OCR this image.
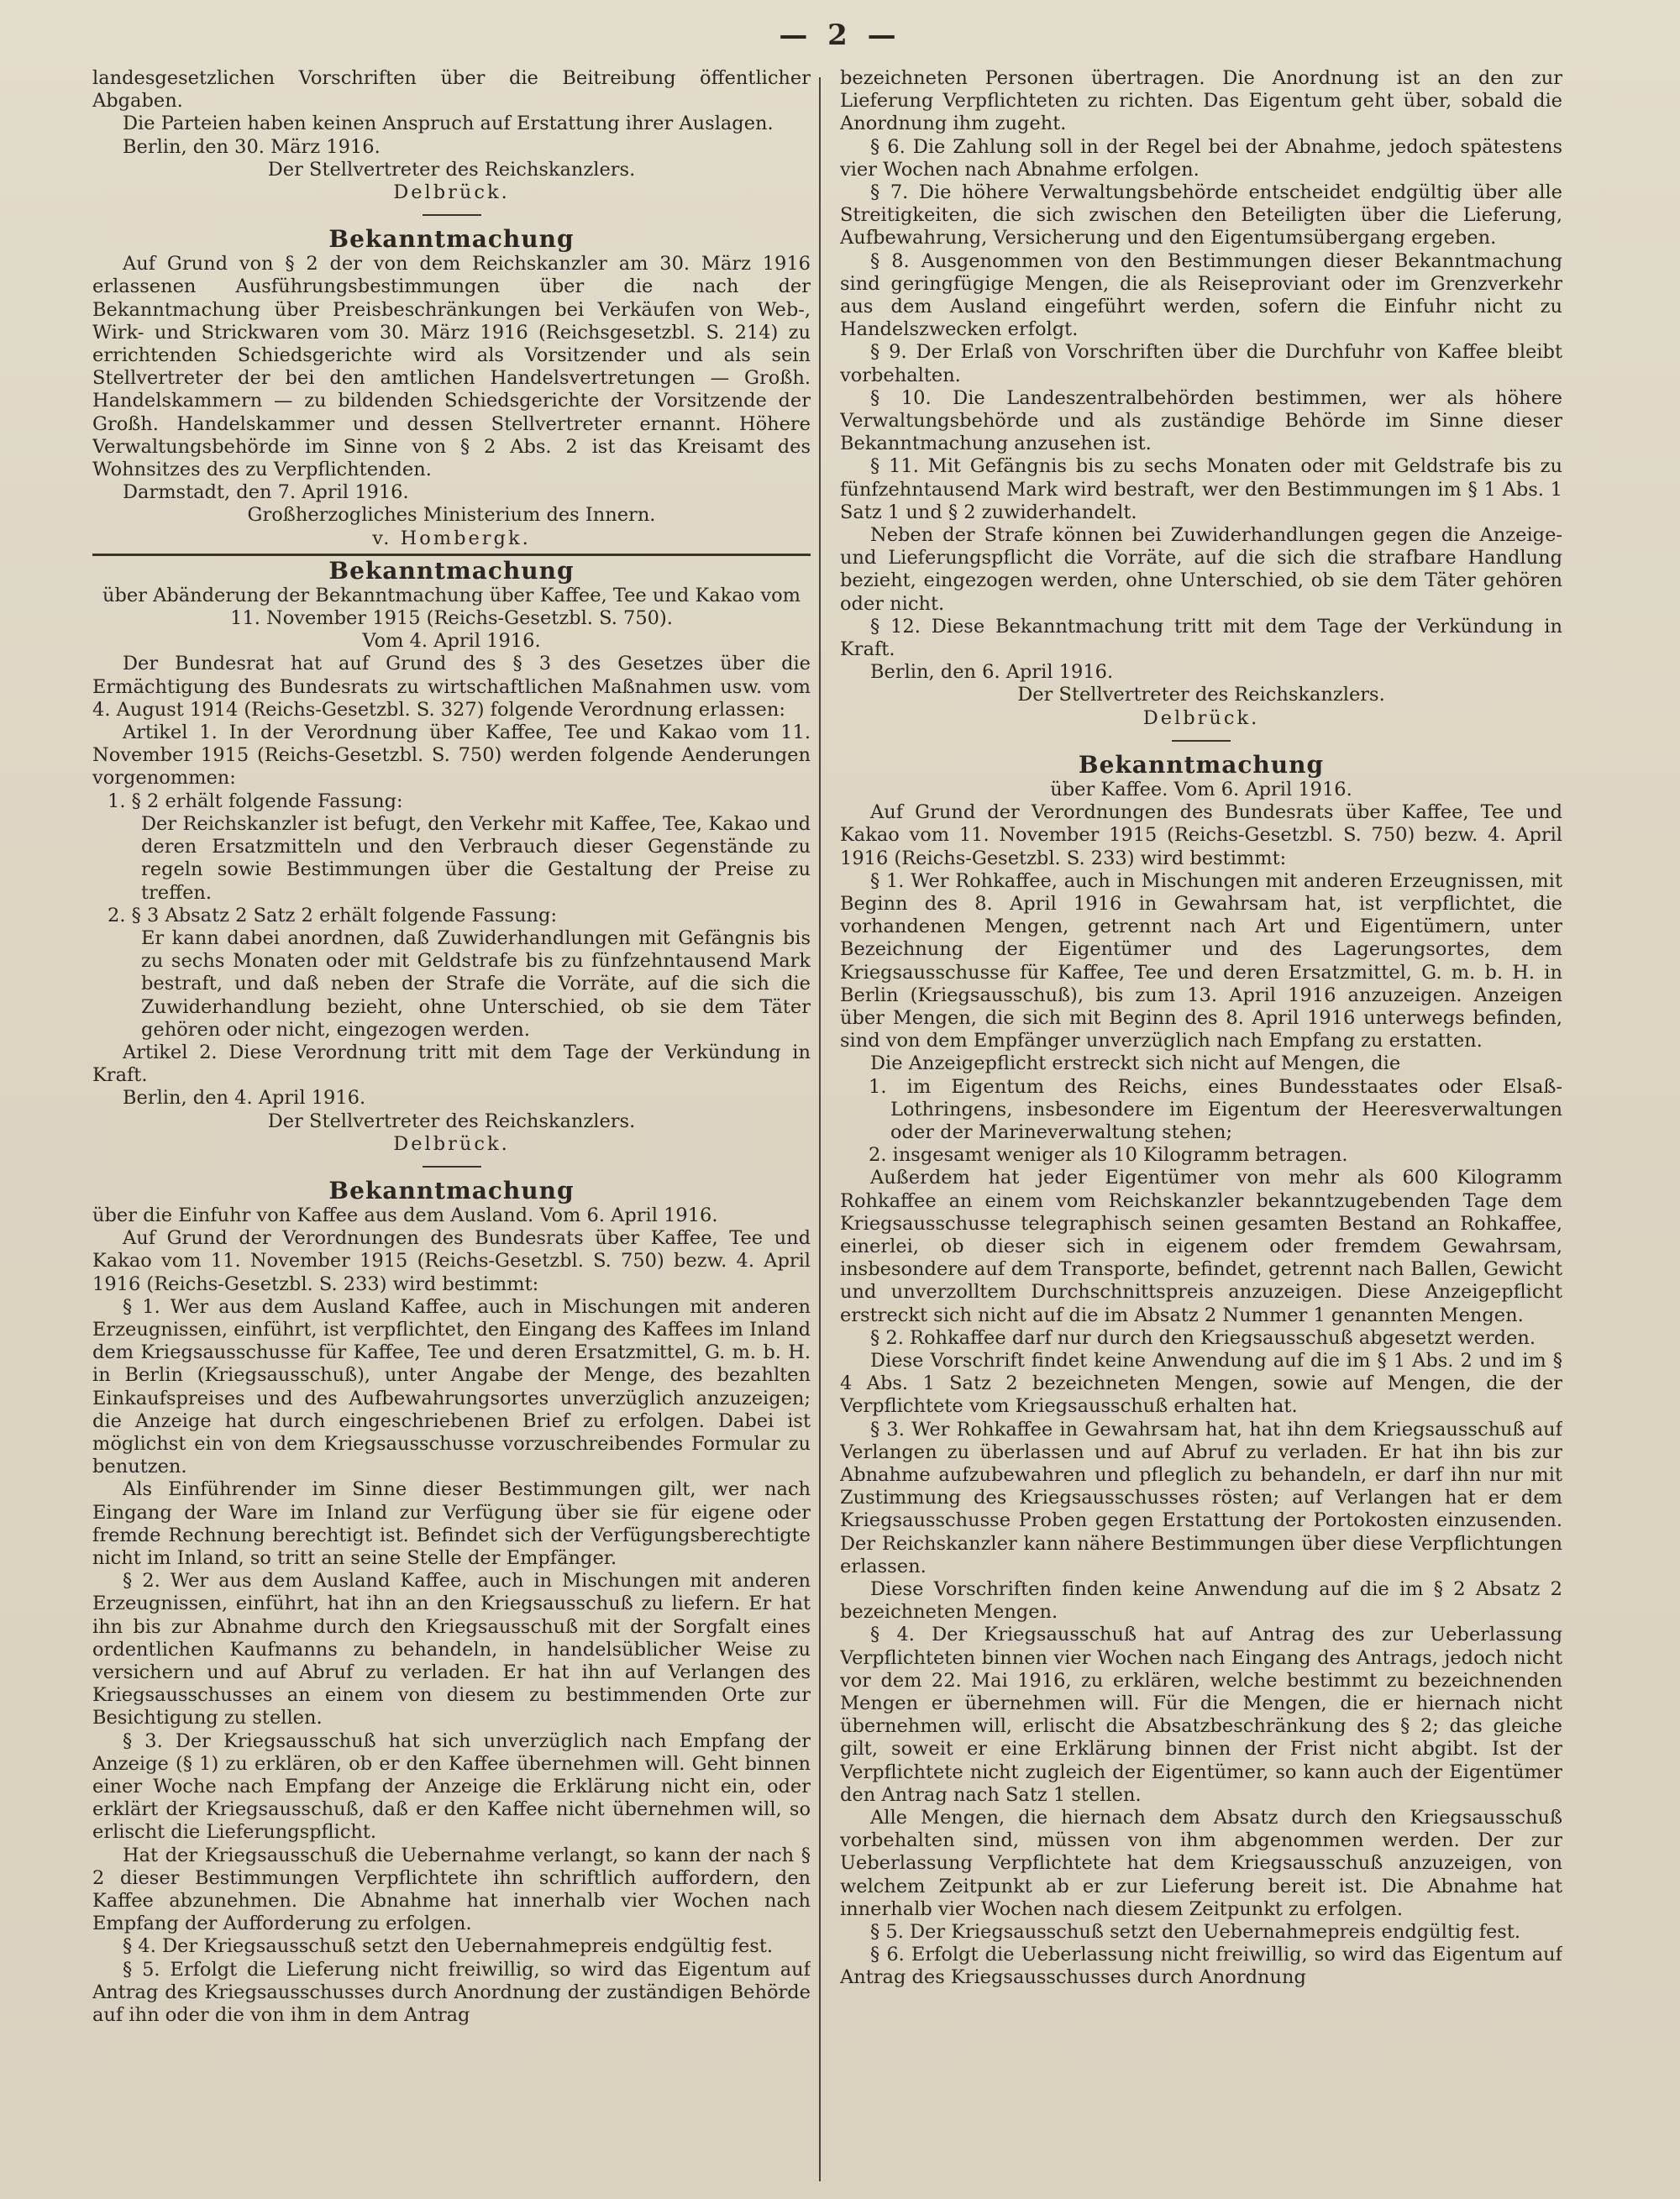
— 2 —

landesgesetzlichen Vorschriften über die Beitreibung öffentlicher Abgaben.

Die Parteien haben keinen Anspruch auf Erstattung ihrer Auslagen.

Berlin, den 30. März 1916.

Der Stellvertreter des Reichskanzlers.

Delbrück.

Bekanntmachung

Auf Grund von § 2 der von dem Reichskanzler am 30. März 1916 erlassenen Ausführungsbestimmungen über die nach der Bekanntmachung über Preisbeschränkungen bei Verkäufen von Web-, Wirk- und Strickwaren vom 30. März 1916 (Reichsgesetzbl. S. 214) zu errichtenden Schiedsgerichte wird als Vorsitzender und als sein Stellvertreter der bei den amtlichen Handelsvertretungen — Großh. Handelskammern — zu bildenden Schiedsgerichte der Vorsitzende der Großh. Handelskammer und dessen Stellvertreter ernannt. Höhere Verwaltungsbehörde im Sinne von § 2 Abs. 2 ist das Kreisamt des Wohnsitzes des zu Verpflichtenden.

Darmstadt, den 7. April 1916.

Großherzogliches Ministerium des Innern.

v. Hombergk.

Bekanntmachung

über Abänderung der Bekanntmachung über Kaffee, Tee und Kakao vom 11. November 1915 (Reichs-Gesetzbl. S. 750).

Vom 4. April 1916.

Der Bundesrat hat auf Grund des § 3 des Gesetzes über die Ermächtigung des Bundesrats zu wirtschaftlichen Maßnahmen usw. vom 4. August 1914 (Reichs-Gesetzbl. S. 327) folgende Verordnung erlassen:

Artikel 1. In der Verordnung über Kaffee, Tee und Kakao vom 11. November 1915 (Reichs-Gesetzbl. S. 750) werden folgende Aenderungen vorgenommen:

1. § 2 erhält folgende Fassung:

Der Reichskanzler ist befugt, den Verkehr mit Kaffee, Tee, Kakao und deren Ersatzmitteln und den Verbrauch dieser Gegenstände zu regeln sowie Bestimmungen über die Gestaltung der Preise zu treffen.

2. § 3 Absatz 2 Satz 2 erhält folgende Fassung:

Er kann dabei anordnen, daß Zuwiderhandlungen mit Gefängnis bis zu sechs Monaten oder mit Geldstrafe bis zu fünfzehntausend Mark bestraft, und daß neben der Strafe die Vorräte, auf die sich die Zuwiderhandlung bezieht, ohne Unterschied, ob sie dem Täter gehören oder nicht, eingezogen werden.

Artikel 2. Diese Verordnung tritt mit dem Tage der Verkündung in Kraft.

Berlin, den 4. April 1916.

Der Stellvertreter des Reichskanzlers.

Delbrück.

Bekanntmachung

über die Einfuhr von Kaffee aus dem Ausland. Vom 6. April 1916.

Auf Grund der Verordnungen des Bundesrats über Kaffee, Tee und Kakao vom 11. November 1915 (Reichs-Gesetzbl. S. 750) bezw. 4. April 1916 (Reichs-Gesetzbl. S. 233) wird bestimmt:

§ 1. Wer aus dem Ausland Kaffee, auch in Mischungen mit anderen Erzeugnissen, einführt, ist verpflichtet, den Eingang des Kaffees im Inland dem Kriegsausschusse für Kaffee, Tee und deren Ersatzmittel, G. m. b. H. in Berlin (Kriegsausschuß), unter Angabe der Menge, des bezahlten Einkaufspreises und des Aufbewahrungsortes unverzüglich anzuzeigen; die Anzeige hat durch eingeschriebenen Brief zu erfolgen. Dabei ist möglichst ein von dem Kriegsausschusse vorzuschreibendes Formular zu benutzen.

Als Einführender im Sinne dieser Bestimmungen gilt, wer nach Eingang der Ware im Inland zur Verfügung über sie für eigene oder fremde Rechnung berechtigt ist. Befindet sich der Verfügungsberechtigte nicht im Inland, so tritt an seine Stelle der Empfänger.

§ 2. Wer aus dem Ausland Kaffee, auch in Mischungen mit anderen Erzeugnissen, einführt, hat ihn an den Kriegsausschuß zu liefern. Er hat ihn bis zur Abnahme durch den Kriegsausschuß mit der Sorgfalt eines ordentlichen Kaufmanns zu behandeln, in handelsüblicher Weise zu versichern und auf Abruf zu verladen. Er hat ihn auf Verlangen des Kriegsausschusses an einem von diesem zu bestimmenden Orte zur Besichtigung zu stellen.

§ 3. Der Kriegsausschuß hat sich unverzüglich nach Empfang der Anzeige (§ 1) zu erklären, ob er den Kaffee übernehmen will. Geht binnen einer Woche nach Empfang der Anzeige die Erklärung nicht ein, oder erklärt der Kriegsausschuß, daß er den Kaffee nicht übernehmen will, so erlischt die Lieferungspflicht.

Hat der Kriegsausschuß die Uebernahme verlangt, so kann der nach § 2 dieser Bestimmungen Verpflichtete ihn schriftlich auffordern, den Kaffee abzunehmen. Die Abnahme hat innerhalb vier Wochen nach Empfang der Aufforderung zu erfolgen.

§ 4. Der Kriegsausschuß setzt den Uebernahmepreis endgültig fest.

§ 5. Erfolgt die Lieferung nicht freiwillig, so wird das Eigentum auf Antrag des Kriegsausschusses durch Anordnung der zuständigen Behörde auf ihn oder die von ihm in dem Antrag

bezeichneten Personen übertragen. Die Anordnung ist an den zur Lieferung Verpflichteten zu richten. Das Eigentum geht über, sobald die Anordnung ihm zugeht.

§ 6. Die Zahlung soll in der Regel bei der Abnahme, jedoch spätestens vier Wochen nach Abnahme erfolgen.

§ 7. Die höhere Verwaltungsbehörde entscheidet endgültig über alle Streitigkeiten, die sich zwischen den Beteiligten über die Lieferung, Aufbewahrung, Versicherung und den Eigentumsübergang ergeben.

§ 8. Ausgenommen von den Bestimmungen dieser Bekanntmachung sind geringfügige Mengen, die als Reiseproviant oder im Grenzverkehr aus dem Ausland eingeführt werden, sofern die Einfuhr nicht zu Handelszwecken erfolgt.

§ 9. Der Erlaß von Vorschriften über die Durchfuhr von Kaffee bleibt vorbehalten.

§ 10. Die Landeszentralbehörden bestimmen, wer als höhere Verwaltungsbehörde und als zuständige Behörde im Sinne dieser Bekanntmachung anzusehen ist.

§ 11. Mit Gefängnis bis zu sechs Monaten oder mit Geldstrafe bis zu fünfzehntausend Mark wird bestraft, wer den Bestimmungen im § 1 Abs. 1 Satz 1 und § 2 zuwiderhandelt.

Neben der Strafe können bei Zuwiderhandlungen gegen die Anzeige- und Lieferungspflicht die Vorräte, auf die sich die strafbare Handlung bezieht, eingezogen werden, ohne Unterschied, ob sie dem Täter gehören oder nicht.

§ 12. Diese Bekanntmachung tritt mit dem Tage der Verkündung in Kraft.

Berlin, den 6. April 1916.

Der Stellvertreter des Reichskanzlers.

Delbrück.

Bekanntmachung

über Kaffee. Vom 6. April 1916.

Auf Grund der Verordnungen des Bundesrats über Kaffee, Tee und Kakao vom 11. November 1915 (Reichs-Gesetzbl. S. 750) bezw. 4. April 1916 (Reichs-Gesetzbl. S. 233) wird bestimmt:

§ 1. Wer Rohkaffee, auch in Mischungen mit anderen Erzeugnissen, mit Beginn des 8. April 1916 in Gewahrsam hat, ist verpflichtet, die vorhandenen Mengen, getrennt nach Art und Eigentümern, unter Bezeichnung der Eigentümer und des Lagerungsortes, dem Kriegsausschusse für Kaffee, Tee und deren Ersatzmittel, G. m. b. H. in Berlin (Kriegsausschuß), bis zum 13. April 1916 anzuzeigen. Anzeigen über Mengen, die sich mit Beginn des 8. April 1916 unterwegs befinden, sind von dem Empfänger unverzüglich nach Empfang zu erstatten.

Die Anzeigepflicht erstreckt sich nicht auf Mengen, die

1. im Eigentum des Reichs, eines Bundesstaates oder Elsaß-Lothringens, insbesondere im Eigentum der Heeresverwaltungen oder der Marineverwaltung stehen;

2. insgesamt weniger als 10 Kilogramm betragen.

Außerdem hat jeder Eigentümer von mehr als 600 Kilogramm Rohkaffee an einem vom Reichskanzler bekanntzugebenden Tage dem Kriegsausschusse telegraphisch seinen gesamten Bestand an Rohkaffee, einerlei, ob dieser sich in eigenem oder fremdem Gewahrsam, insbesondere auf dem Transporte, befindet, getrennt nach Ballen, Gewicht und unverzolltem Durchschnittspreis anzuzeigen. Diese Anzeigepflicht erstreckt sich nicht auf die im Absatz 2 Nummer 1 genannten Mengen.

§ 2. Rohkaffee darf nur durch den Kriegsausschuß abgesetzt werden.

Diese Vorschrift findet keine Anwendung auf die im § 1 Abs. 2 und im § 4 Abs. 1 Satz 2 bezeichneten Mengen, sowie auf Mengen, die der Verpflichtete vom Kriegsausschuß erhalten hat.

§ 3. Wer Rohkaffee in Gewahrsam hat, hat ihn dem Kriegsausschuß auf Verlangen zu überlassen und auf Abruf zu verladen. Er hat ihn bis zur Abnahme aufzubewahren und pfleglich zu behandeln, er darf ihn nur mit Zustimmung des Kriegsausschusses rösten; auf Verlangen hat er dem Kriegsausschusse Proben gegen Erstattung der Portokosten einzusenden. Der Reichskanzler kann nähere Bestimmungen über diese Verpflichtungen erlassen.

Diese Vorschriften finden keine Anwendung auf die im § 2 Absatz 2 bezeichneten Mengen.

§ 4. Der Kriegsausschuß hat auf Antrag des zur Ueberlassung Verpflichteten binnen vier Wochen nach Eingang des Antrags, jedoch nicht vor dem 22. Mai 1916, zu erklären, welche bestimmt zu bezeichnenden Mengen er übernehmen will. Für die Mengen, die er hiernach nicht übernehmen will, erlischt die Absatzbeschränkung des § 2; das gleiche gilt, soweit er eine Erklärung binnen der Frist nicht abgibt. Ist der Verpflichtete nicht zugleich der Eigentümer, so kann auch der Eigentümer den Antrag nach Satz 1 stellen.

Alle Mengen, die hiernach dem Absatz durch den Kriegsausschuß vorbehalten sind, müssen von ihm abgenommen werden. Der zur Ueberlassung Verpflichtete hat dem Kriegsausschuß anzuzeigen, von welchem Zeitpunkt ab er zur Lieferung bereit ist. Die Abnahme hat innerhalb vier Wochen nach diesem Zeitpunkt zu erfolgen.

§ 5. Der Kriegsausschuß setzt den Uebernahmepreis endgültig fest.

§ 6. Erfolgt die Ueberlassung nicht freiwillig, so wird das Eigentum auf Antrag des Kriegsausschusses durch Anordnung
